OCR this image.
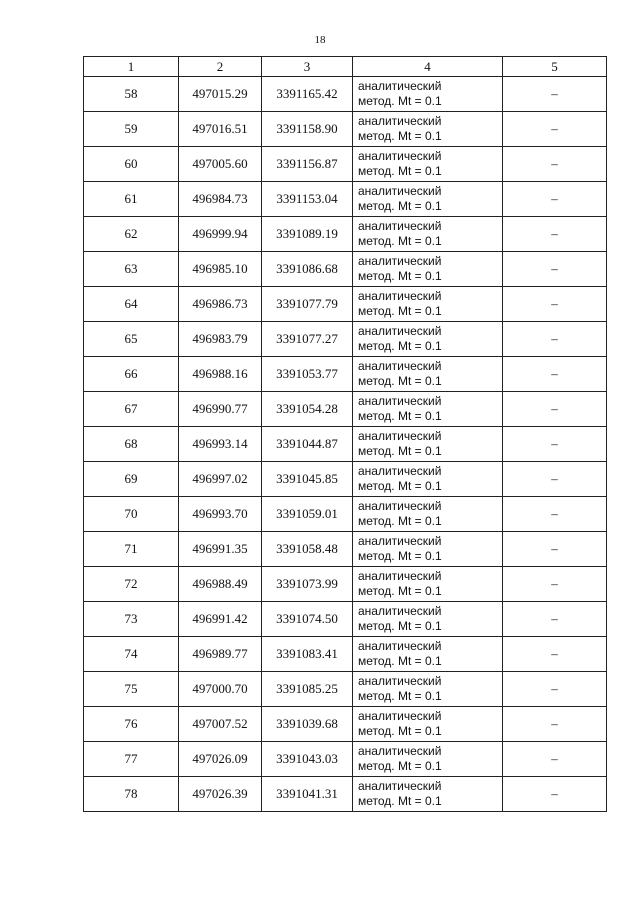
18
1	2	3	4	5
58	497015.29	3391165.42	аналитический
метод. Mt = 0.1	–
59	497016.51	3391158.90	аналитический
метод. Mt = 0.1	–
60	497005.60	3391156.87	аналитический
метод. Mt = 0.1	–
61	496984.73	3391153.04	аналитический
метод. Mt = 0.1	–
62	496999.94	3391089.19	аналитический
метод. Mt = 0.1	–
63	496985.10	3391086.68	аналитический
метод. Mt = 0.1	–
64	496986.73	3391077.79	аналитический
метод. Mt = 0.1	–
65	496983.79	3391077.27	аналитический
метод. Mt = 0.1	–
66	496988.16	3391053.77	аналитический
метод. Mt = 0.1	–
67	496990.77	3391054.28	аналитический
метод. Mt = 0.1	–
68	496993.14	3391044.87	аналитический
метод. Mt = 0.1	–
69	496997.02	3391045.85	аналитический
метод. Mt = 0.1	–
70	496993.70	3391059.01	аналитический
метод. Mt = 0.1	–
71	496991.35	3391058.48	аналитический
метод. Mt = 0.1	–
72	496988.49	3391073.99	аналитический
метод. Mt = 0.1	–
73	496991.42	3391074.50	аналитический
метод. Mt = 0.1	–
74	496989.77	3391083.41	аналитический
метод. Mt = 0.1	–
75	497000.70	3391085.25	аналитический
метод. Mt = 0.1	–
76	497007.52	3391039.68	аналитический
метод. Mt = 0.1	–
77	497026.09	3391043.03	аналитический
метод. Mt = 0.1	–
78	497026.39	3391041.31	аналитический
метод. Mt = 0.1	–
